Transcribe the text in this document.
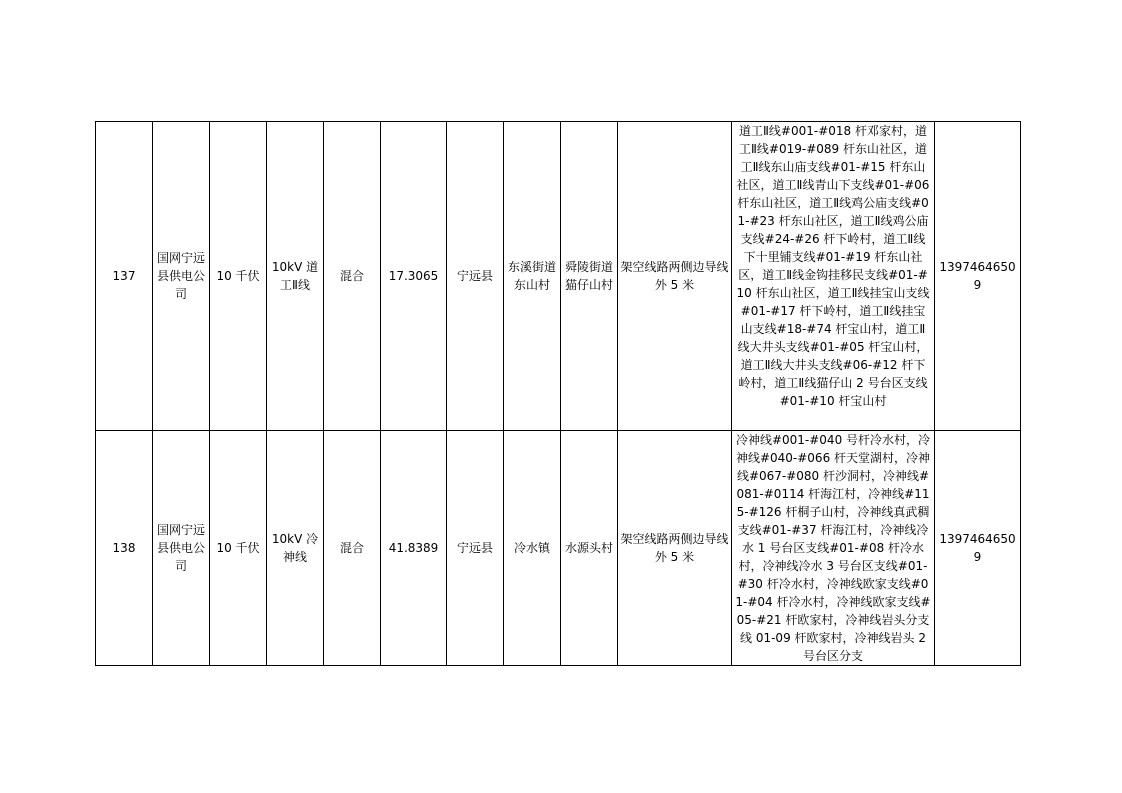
137	国网宁远县供电公司	10 千伏	10kV 道工Ⅱ线	混合	17.3065	宁远县	东溪街道东山村	舜陵街道猫仔山村	架空线路两侧边导线外 5 米	道工Ⅱ线#001-#018 杆邓家村，道工Ⅱ线#019-#089 杆东山社区，道工Ⅱ线东山庙支线#01-#15 杆东山社区，道工Ⅱ线青山下支线#01-#06 杆东山社区，道工Ⅱ线鸡公庙支线#01-#23 杆东山社区，道工Ⅱ线鸡公庙支线#24-#26 杆下岭村，道工Ⅱ线下十里铺支线#01-#19 杆东山社区，道工Ⅱ线金钩挂移民支线#01-#10 杆东山社区，道工Ⅱ线挂宝山支线#01-#17 杆下岭村，道工Ⅱ线挂宝山支线#18-#74 杆宝山村，道工Ⅱ线大井头支线#01-#05 杆宝山村，道工Ⅱ线大井头支线#06-#12 杆下岭村，道工Ⅱ线猫仔山 2 号台区支线#01-#10 杆宝山村	13974646509
138	国网宁远县供电公司	10 千伏	10kV 冷神线	混合	41.8389	宁远县	冷水镇	水源头村	架空线路两侧边导线外 5 米	冷神线#001-#040 号杆冷水村，冷神线#040-#066 杆天堂湖村，冷神线#067-#080 杆沙洞村，冷神线#081-#0114 杆海江村，冷神线#115-#126 杆桐子山村，冷神线真武稠支线#01-#37 杆海江村，冷神线冷水 1 号台区支线#01-#08 杆冷水村，冷神线冷水 3 号台区支线#01-#30 杆冷水村，冷神线欧家支线#01-#04 杆冷水村，冷神线欧家支线#05-#21 杆欧家村，冷神线岩头分支线 01-09 杆欧家村，冷神线岩头 2 号台区分支	13974646509
